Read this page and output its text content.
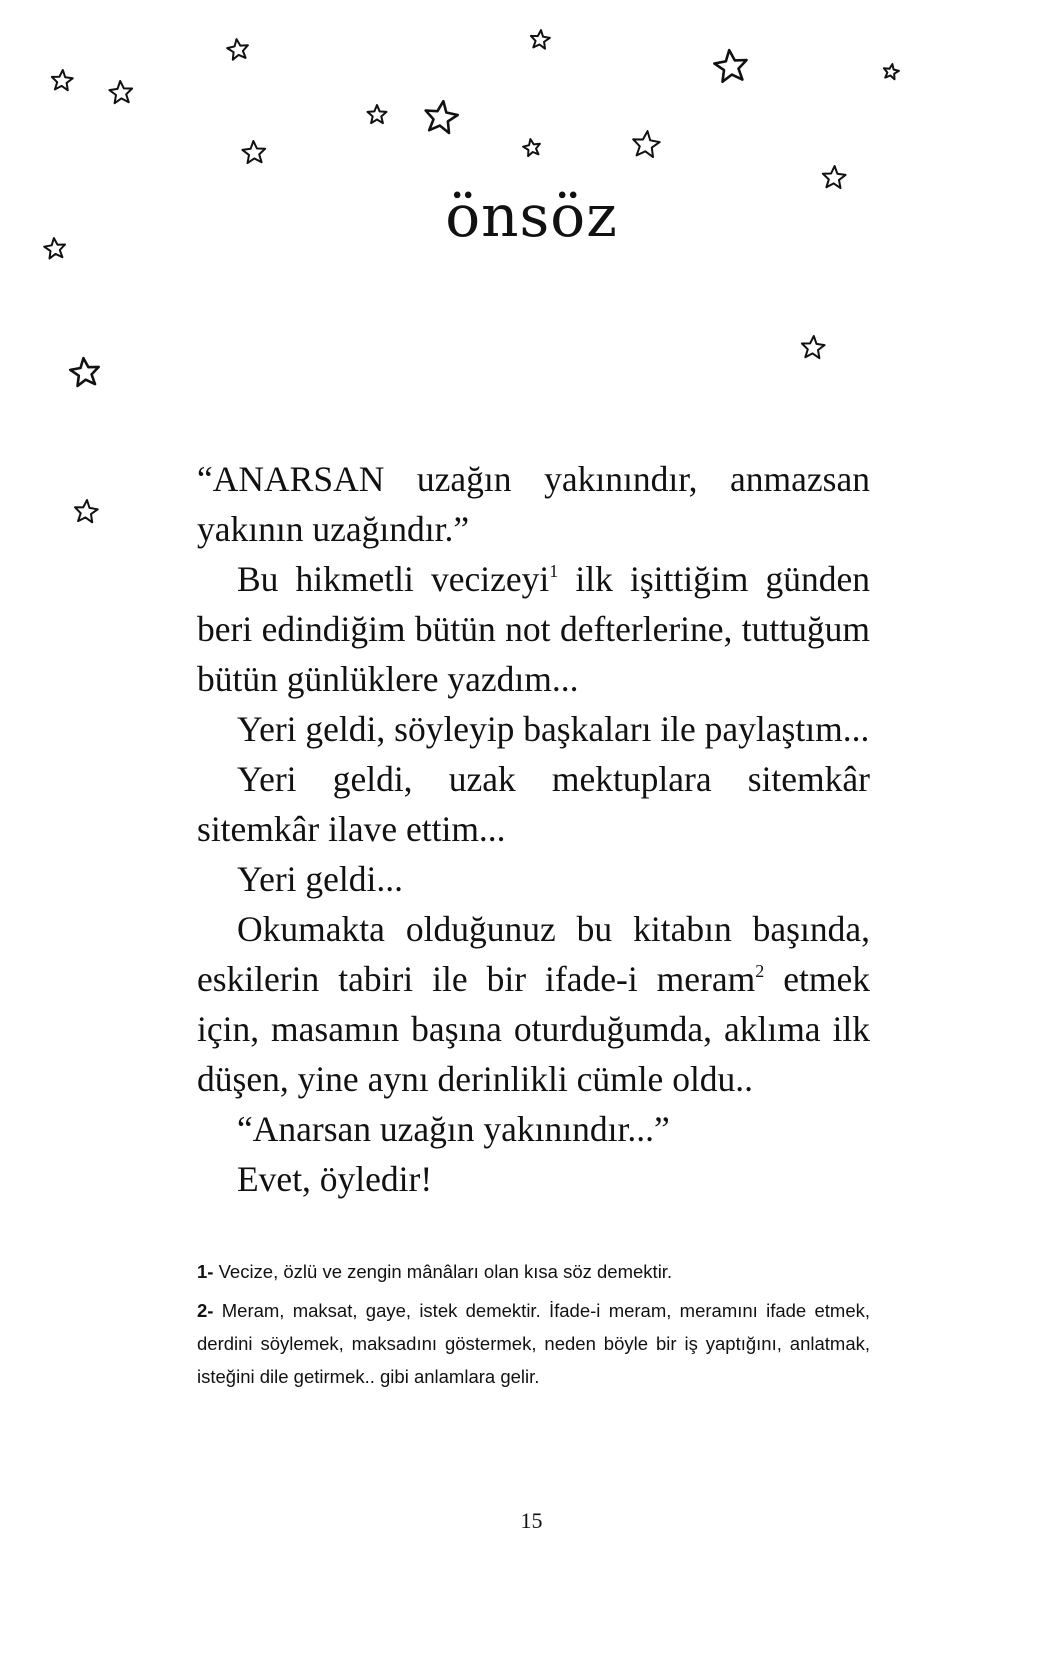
önsöz

“ANARSAN uzağın yakınındır, anmazsan yakının uzağındır.”

Bu hikmetli vecizeyi$^1$ ilk işittiğim günden beri edindiğim bütün not defterlerine, tuttuğum bütün günlüklere yazdım...

Yeri geldi, söyleyip başkaları ile paylaştım...

Yeri geldi, uzak mektuplara sitemkâr sitemkâr ilave ettim...

Yeri geldi...

Okumakta olduğunuz bu kitabın başında, eskilerin tabiri ile bir ifade-i meram$^2$ etmek için, masamın başına oturduğumda, aklıma ilk düşen, yine aynı derinlikli cümle oldu..

“Anarsan uzağın yakınındır...”

Evet, öyledir!

1- Vecize, özlü ve zengin mânâları olan kısa söz demektir.

2- Meram, maksat, gaye, istek demektir. İfade-i meram, meramını ifade etmek, derdini söylemek, maksadını göstermek, neden böyle bir iş yaptığını, anlatmak, isteğini dile getirmek.. gibi anlamlara gelir.

15
